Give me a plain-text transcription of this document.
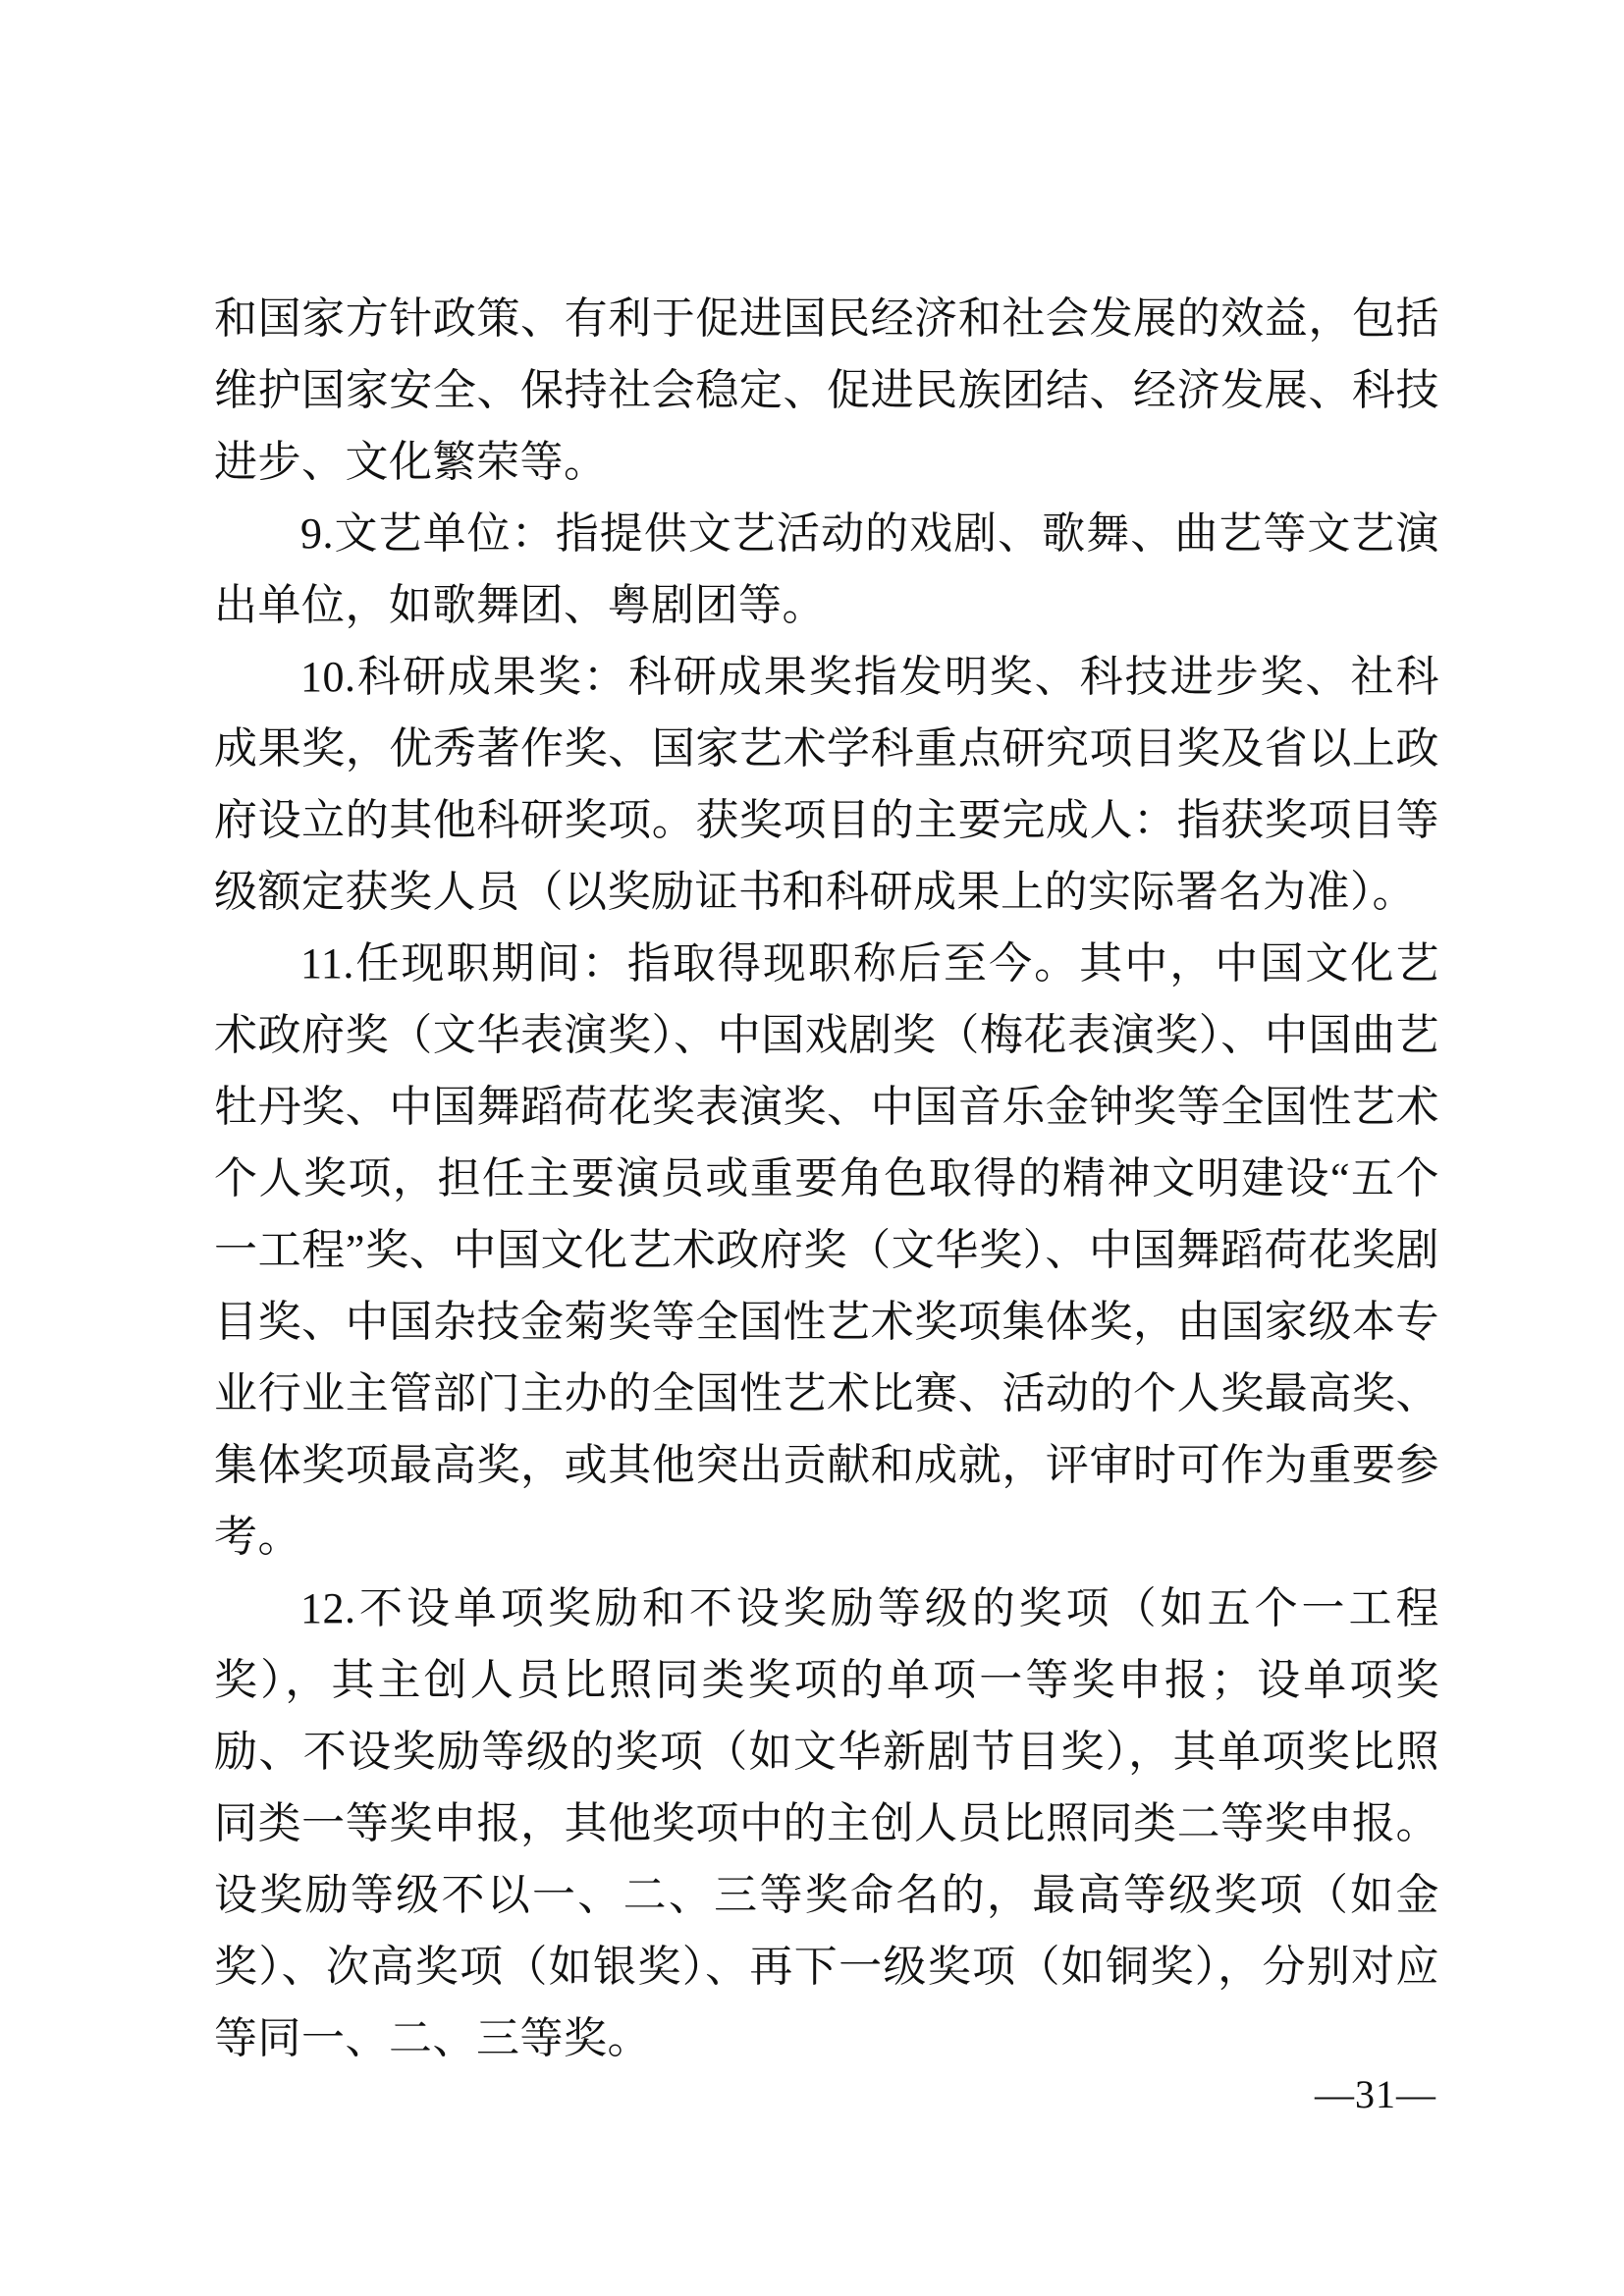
和国家方针政策、有利于促进国民经济和社会发展的效益，包括维护国家安全、保持社会稳定、促进民族团结、经济发展、科技进步、文化繁荣等。

9.文艺单位：指提供文艺活动的戏剧、歌舞、曲艺等文艺演出单位，如歌舞团、粤剧团等。

10.科研成果奖：科研成果奖指发明奖、科技进步奖、社科成果奖，优秀著作奖、国家艺术学科重点研究项目奖及省以上政府设立的其他科研奖项。获奖项目的主要完成人：指获奖项目等级额定获奖人员（以奖励证书和科研成果上的实际署名为准）。

11.任现职期间：指取得现职称后至今。其中，中国文化艺术政府奖（文华表演奖）、中国戏剧奖（梅花表演奖）、中国曲艺牡丹奖、中国舞蹈荷花奖表演奖、中国音乐金钟奖等全国性艺术个人奖项，担任主要演员或重要角色取得的精神文明建设“五个一工程”奖、中国文化艺术政府奖（文华奖）、中国舞蹈荷花奖剧目奖、中国杂技金菊奖等全国性艺术奖项集体奖，由国家级本专业行业主管部门主办的全国性艺术比赛、活动的个人奖最高奖、集体奖项最高奖，或其他突出贡献和成就，评审时可作为重要参考。

12.不设单项奖励和不设奖励等级的奖项（如五个一工程奖），其主创人员比照同类奖项的单项一等奖申报；设单项奖励、不设奖励等级的奖项（如文华新剧节目奖），其单项奖比照同类一等奖申报，其他奖项中的主创人员比照同类二等奖申报。设奖励等级不以一、二、三等奖命名的，最高等级奖项（如金奖）、次高奖项（如银奖）、再下一级奖项（如铜奖），分别对应等同一、二、三等奖。

—31—
